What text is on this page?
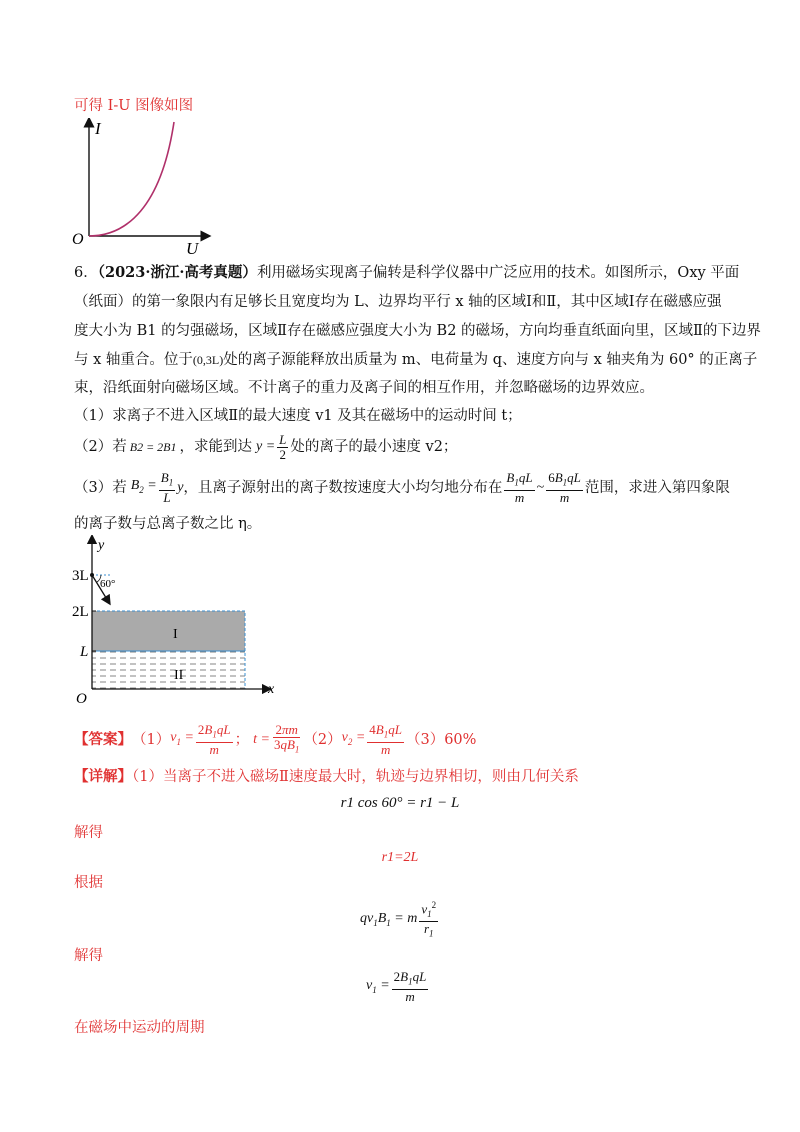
可得 I-U 图像如图
I
U
O
6．（2023·浙江·高考真题）利用磁场实现离子偏转是科学仪器中广泛应用的技术。如图所示，Oxy 平面
（纸面）的第一象限内有足够长且宽度均为 L、边界均平行 x 轴的区域Ⅰ和Ⅱ，其中区域Ⅰ存在磁感应强
度大小为 B1 的匀强磁场，区域Ⅱ存在磁感应强度大小为 B2 的磁场，方向均垂直纸面向里，区域Ⅱ的下边界
与 x 轴重合。位于(0,3L)处的离子源能释放出质量为 m、电荷量为 q、速度方向与 x 轴夹角为 60° 的正离子
束，沿纸面射向磁场区域。不计离子的重力及离子间的相互作用，并忽略磁场的边界效应。
（1）求离子不进入区域Ⅱ的最大速度 v1 及其在磁场中的运动时间 t；
（2）若 B2 = 2B1 ，求能到达 $y = \frac{L}{2}$ 处的离子的最小速度 v2；
（3）若 $B_2 = \frac{B_1}{L}$ y ，且离子源射出的离子数按速度大小均匀地分布在 $\frac{B_1qL}{m}$ ~ $\frac{6B_1qL}{m}$ 范围，求进入第四象限
的离子数与总离子数之比 η。
y
x
O
3L
2L
L
60°
I
II
【答案】 （1） $v_1 = \frac{2B_1qL}{m}$ ； $t = \frac{2\pi m}{3qB_1} (2) v_2 = \frac{4B_1qL}{m} (3)60\%$
【详解】（1）当离子不进入磁场Ⅱ速度最大时，轨迹与边界相切，则由几何关系
r1 cos 60° = r1 − L
解得
r1=2L
根据
$qv_1B_1 = m \frac{v_1^2}{r_1}$
解得
$v_1 = \frac{2B_1qL}{m}$
在磁场中运动的周期
